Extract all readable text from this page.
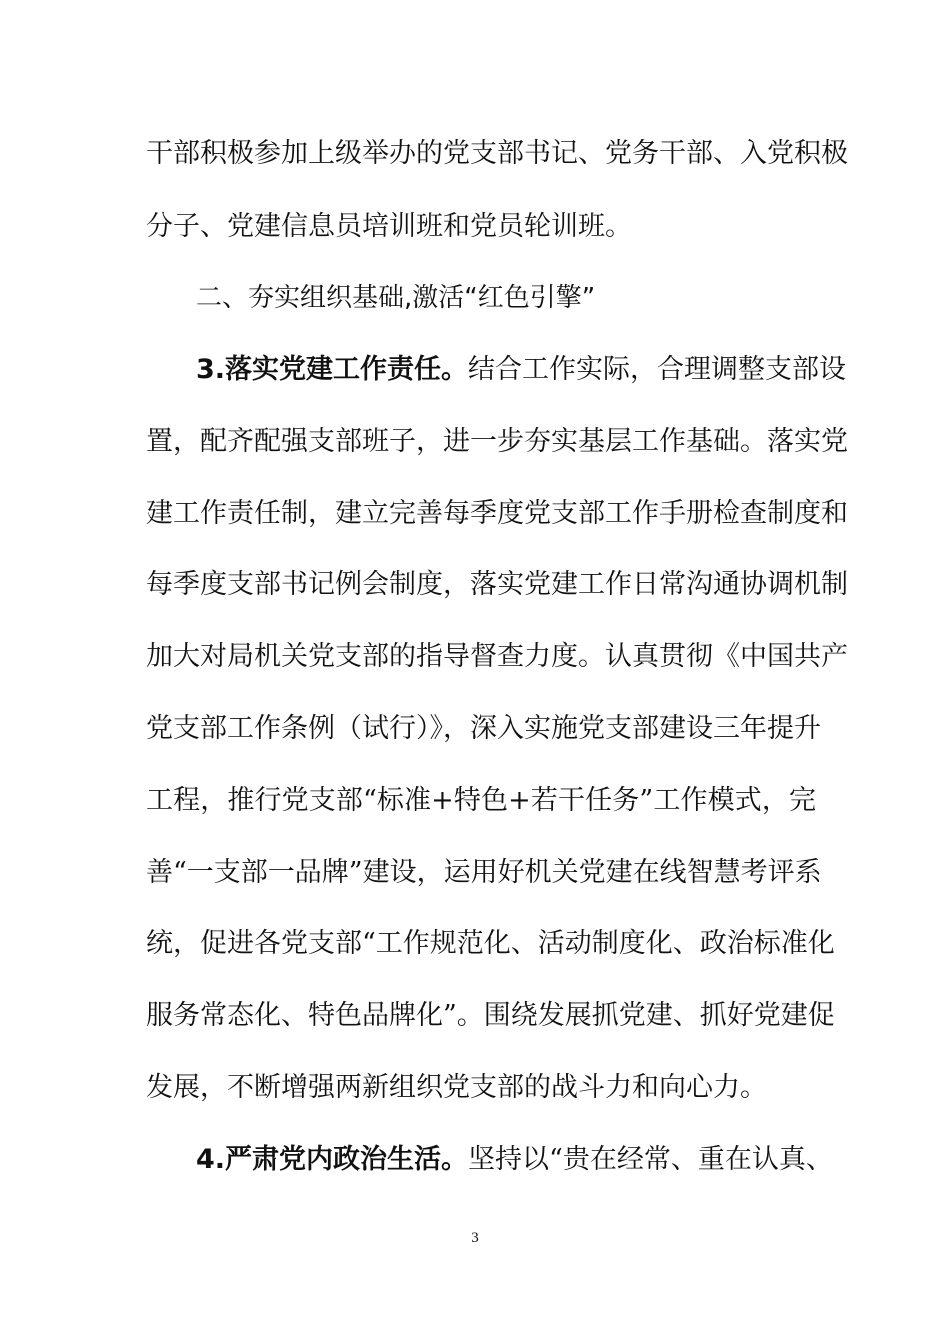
干部积极参加上级举办的党支部书记、党务干部、入党积极
分子、党建信息员培训班和党员轮训班。
二、夯实组织基础,激活“红色引擎”
3.落实党建工作责任。结合工作实际，合理调整支部设
置，配齐配强支部班子，进一步夯实基层工作基础。落实党
建工作责任制，建立完善每季度党支部工作手册检查制度和
每季度支部书记例会制度，落实党建工作日常沟通协调机制
加大对局机关党支部的指导督查力度。认真贯彻《中国共产
党支部工作条例（试行）》，深入实施党支部建设三年提升
工程，推行党支部“标准+特色+若干任务”工作模式，完
善“一支部一品牌”建设，运用好机关党建在线智慧考评系
统，促进各党支部“工作规范化、活动制度化、政治标准化
服务常态化、特色品牌化”。围绕发展抓党建、抓好党建促
发展，不断增强两新组织党支部的战斗力和向心力。
4.严肃党内政治生活。坚持以“贵在经常、重在认真、
3
